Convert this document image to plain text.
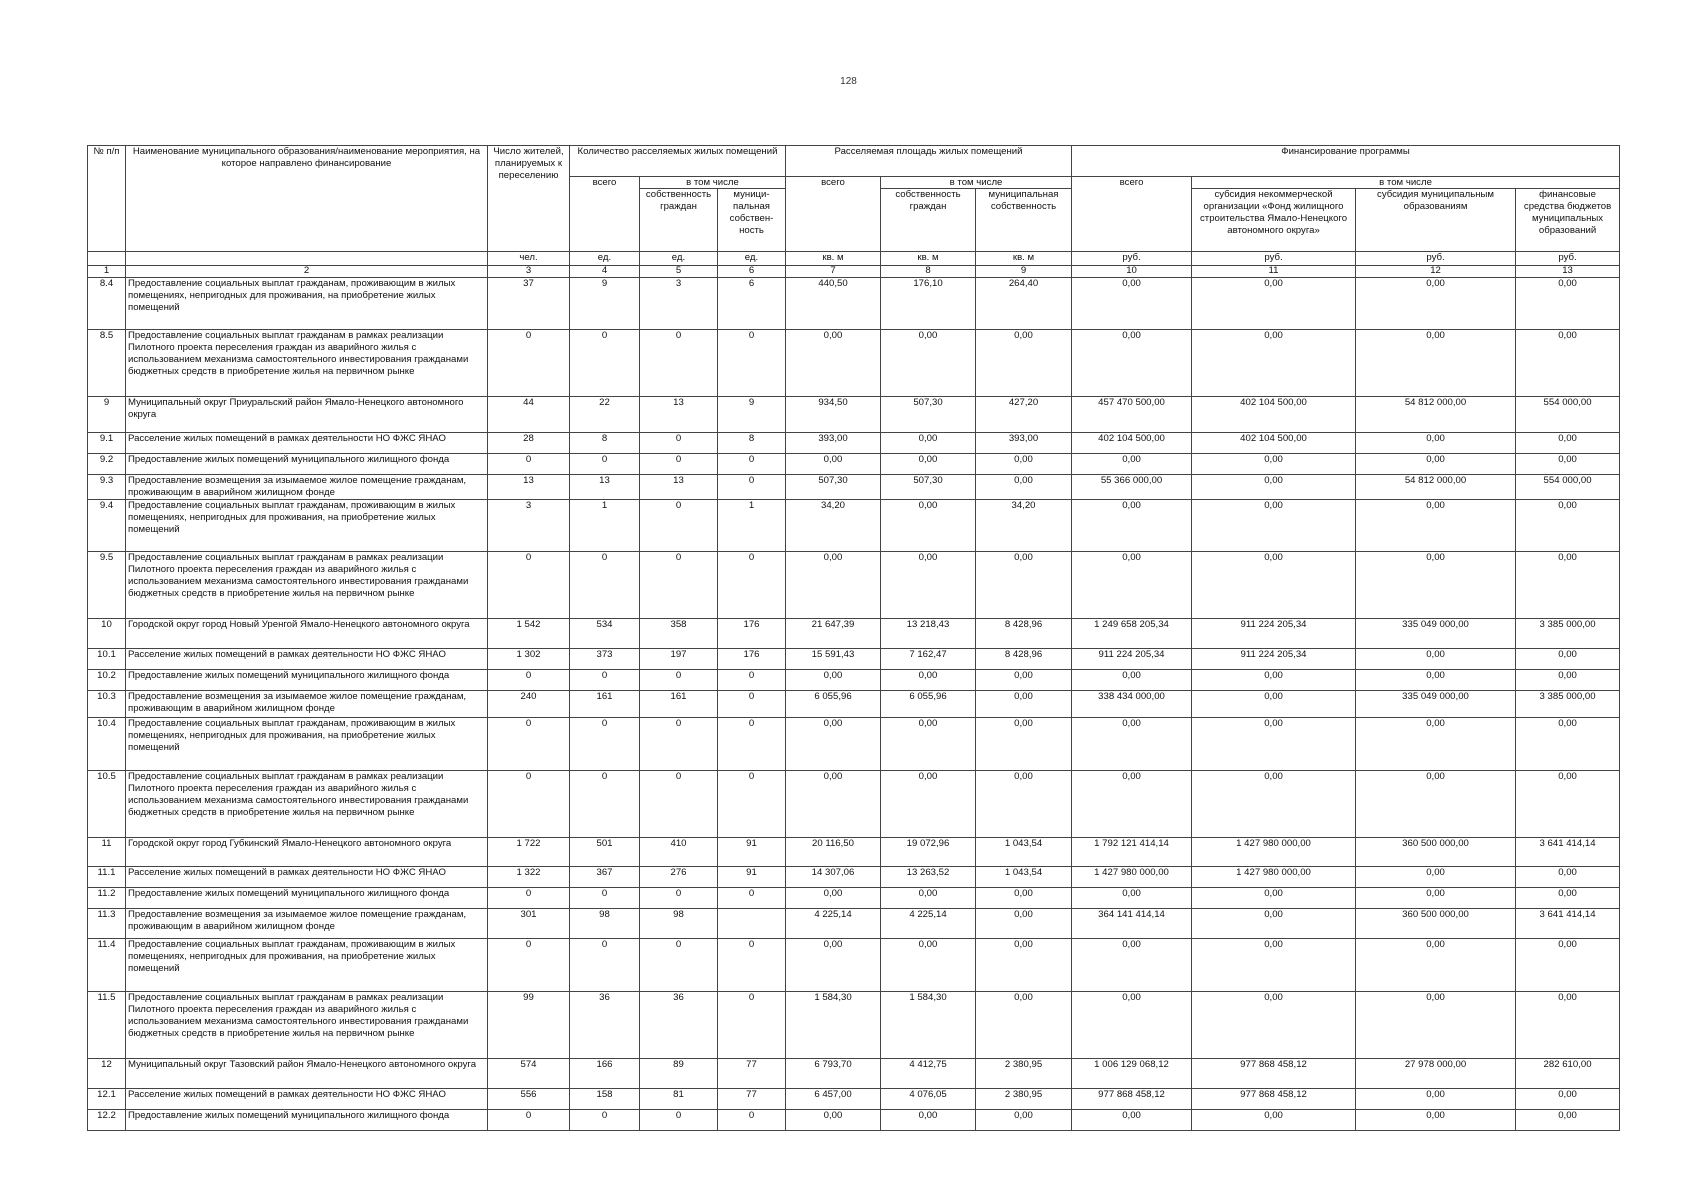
128
№ п/п	Наименование муниципального образования/наименование мероприятия, на которое направлено финансирование	Число жителей, планируемых к переселению	Количество расселяемых жилых помещений			Расселяемая площадь жилых помещений			Финансирование программы			
			всего	в том числе		всего	в том числе		всего	в том числе		
				собственность граждан	муници-пальная собствен-ность		собственность граждан	муниципальная собственность		субсидия некоммерческой организации «Фонд жилищного строительства Ямало-Ненецкого автономного округа»	субсидия муниципальным образованиям	финансовые средства бюджетов муниципальных образований
		чел.	ед.	ед.	ед.	кв. м	кв. м	кв. м	руб.	руб.	руб.	руб.
1	2	3	4	5	6	7	8	9	10	11	12	13
8.4	Предоставление социальных выплат гражданам, проживающим в жилых помещениях, непригодных для проживания, на приобретение жилых помещений	37	9	3	6	440,50	176,10	264,40	0,00	0,00	0,00	0,00
8.5	Предоставление социальных выплат гражданам в рамках реализации Пилотного проекта переселения граждан из аварийного жилья с использованием механизма самостоятельного инвестирования гражданами бюджетных средств в приобретение жилья на первичном рынке	0	0	0	0	0,00	0,00	0,00	0,00	0,00	0,00	0,00
9	Муниципальный округ Приуральский район Ямало-Ненецкого автономного округа	44	22	13	9	934,50	507,30	427,20	457 470 500,00	402 104 500,00	54 812 000,00	554 000,00
9.1	Расселение жилых помещений в рамках деятельности НО ФЖС ЯНАО	28	8	0	8	393,00	0,00	393,00	402 104 500,00	402 104 500,00	0,00	0,00
9.2	Предоставление жилых помещений муниципального жилищного фонда	0	0	0	0	0,00	0,00	0,00	0,00	0,00	0,00	0,00
9.3	Предоставление возмещения за изымаемое жилое помещение гражданам, проживающим в аварийном жилищном фонде	13	13	13	0	507,30	507,30	0,00	55 366 000,00	0,00	54 812 000,00	554 000,00
9.4	Предоставление социальных выплат гражданам, проживающим в жилых помещениях, непригодных для проживания, на приобретение жилых помещений	3	1	0	1	34,20	0,00	34,20	0,00	0,00	0,00	0,00
9.5	Предоставление социальных выплат гражданам в рамках реализации Пилотного проекта переселения граждан из аварийного жилья с использованием механизма самостоятельного инвестирования гражданами бюджетных средств в приобретение жилья на первичном рынке	0	0	0	0	0,00	0,00	0,00	0,00	0,00	0,00	0,00
10	Городской округ город Новый Уренгой Ямало-Ненецкого автономного округа	1 542	534	358	176	21 647,39	13 218,43	8 428,96	1 249 658 205,34	911 224 205,34	335 049 000,00	3 385 000,00
10.1	Расселение жилых помещений в рамках деятельности НО ФЖС ЯНАО	1 302	373	197	176	15 591,43	7 162,47	8 428,96	911 224 205,34	911 224 205,34	0,00	0,00
10.2	Предоставление жилых помещений муниципального жилищного фонда	0	0	0	0	0,00	0,00	0,00	0,00	0,00	0,00	0,00
10.3	Предоставление возмещения за изымаемое жилое помещение гражданам, проживающим в аварийном жилищном фонде	240	161	161	0	6 055,96	6 055,96	0,00	338 434 000,00	0,00	335 049 000,00	3 385 000,00
10.4	Предоставление социальных выплат гражданам, проживающим в жилых помещениях, непригодных для проживания, на приобретение жилых помещений	0	0	0	0	0,00	0,00	0,00	0,00	0,00	0,00	0,00
10.5	Предоставление социальных выплат гражданам в рамках реализации Пилотного проекта переселения граждан из аварийного жилья с использованием механизма самостоятельного инвестирования гражданами бюджетных средств в приобретение жилья на первичном рынке	0	0	0	0	0,00	0,00	0,00	0,00	0,00	0,00	0,00
11	Городской округ город Губкинский Ямало-Ненецкого автономного округа	1 722	501	410	91	20 116,50	19 072,96	1 043,54	1 792 121 414,14	1 427 980 000,00	360 500 000,00	3 641 414,14
11.1	Расселение жилых помещений в рамках деятельности НО ФЖС ЯНАО	1 322	367	276	91	14 307,06	13 263,52	1 043,54	1 427 980 000,00	1 427 980 000,00	0,00	0,00
11.2	Предоставление жилых помещений муниципального жилищного фонда	0	0	0	0	0,00	0,00	0,00	0,00	0,00	0,00	0,00
11.3	Предоставление возмещения за изымаемое жилое помещение гражданам, проживающим в аварийном жилищном фонде	301	98	98		4 225,14	4 225,14	0,00	364 141 414,14	0,00	360 500 000,00	3 641 414,14
11.4	Предоставление социальных выплат гражданам, проживающим в жилых помещениях, непригодных для проживания, на приобретение жилых помещений	0	0	0	0	0,00	0,00	0,00	0,00	0,00	0,00	0,00
11.5	Предоставление социальных выплат гражданам в рамках реализации Пилотного проекта переселения граждан из аварийного жилья с использованием механизма самостоятельного инвестирования гражданами бюджетных средств в приобретение жилья на первичном рынке	99	36	36	0	1 584,30	1 584,30	0,00	0,00	0,00	0,00	0,00
12	Муниципальный округ Тазовский район Ямало-Ненецкого автономного округа	574	166	89	77	6 793,70	4 412,75	2 380,95	1 006 129 068,12	977 868 458,12	27 978 000,00	282 610,00
12.1	Расселение жилых помещений в рамках деятельности НО ФЖС ЯНАО	556	158	81	77	6 457,00	4 076,05	2 380,95	977 868 458,12	977 868 458,12	0,00	0,00
12.2	Предоставление жилых помещений муниципального жилищного фонда	0	0	0	0	0,00	0,00	0,00	0,00	0,00	0,00	0,00
